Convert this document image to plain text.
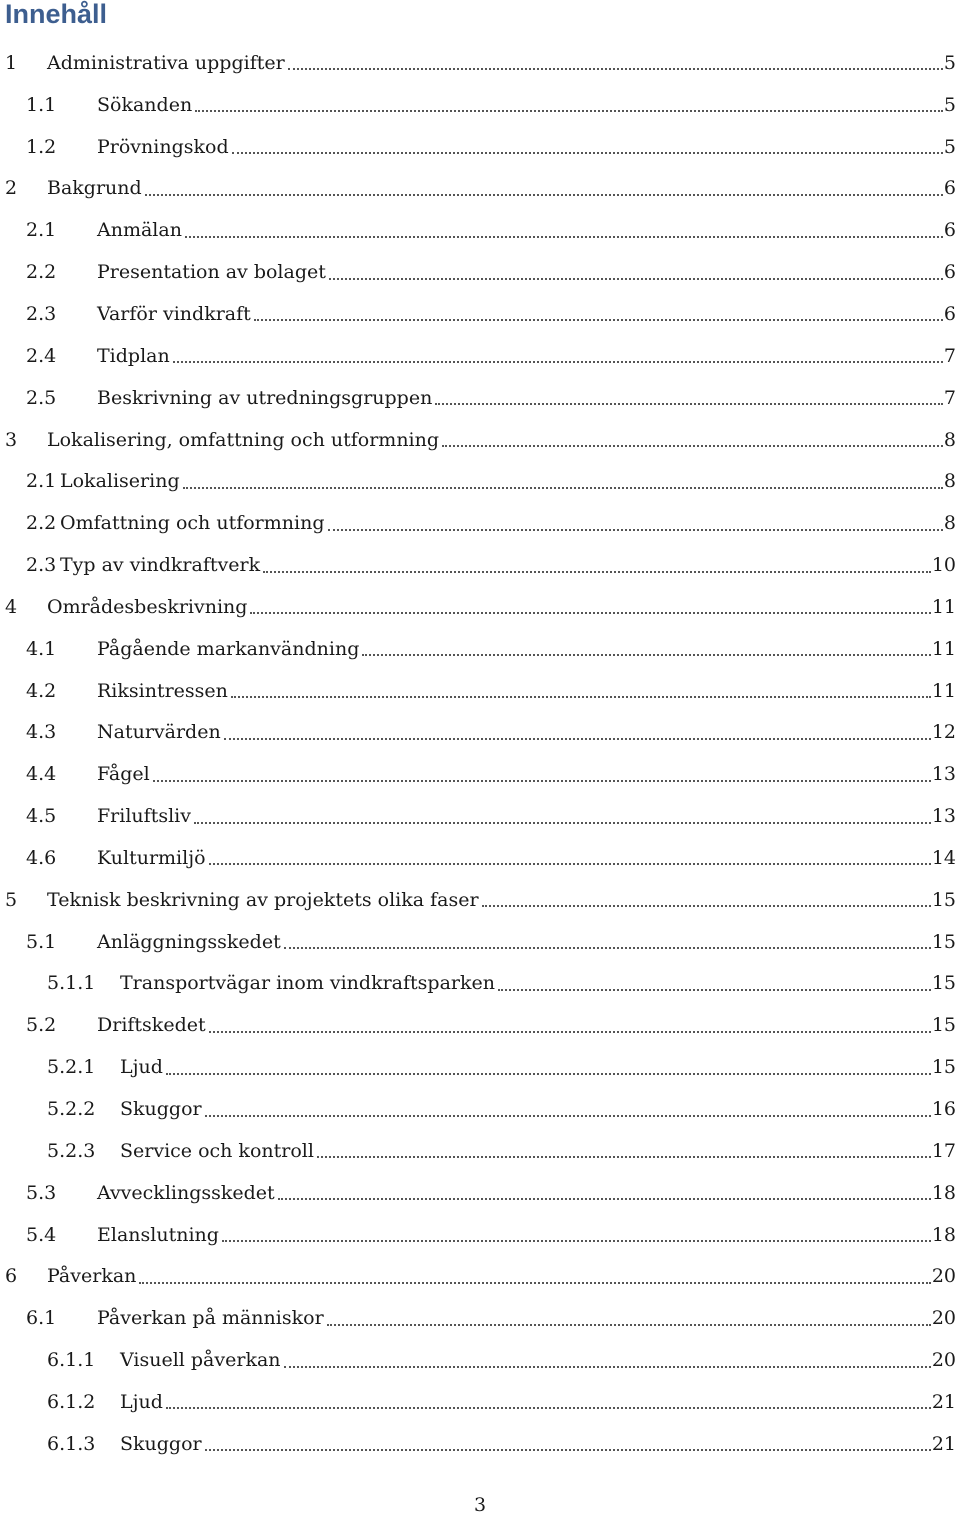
Innehåll
1 Administrativa uppgifter	5
1.1 Sökanden	5
1.2 Prövningskod	5
2 Bakgrund	6
2.1 Anmälan	6
2.2 Presentation av bolaget	6
2.3 Varför vindkraft	6
2.4 Tidplan	7
2.5 Beskrivning av utredningsgruppen	7
3 Lokalisering, omfattning och utformning	8
2.1 Lokalisering	8
2.2 Omfattning och utformning	8
2.3 Typ av vindkraftverk	10
4 Områdesbeskrivning	11
4.1 Pågående markanvändning	11
4.2 Riksintressen	11
4.3 Naturvärden	12
4.4 Fågel	13
4.5 Friluftsliv	13
4.6 Kulturmiljö	14
5 Teknisk beskrivning av projektets olika faser	15
5.1 Anläggningsskedet	15
5.1.1 Transportvägar inom vindkraftsparken	15
5.2 Driftskedet	15
5.2.1 Ljud	15
5.2.2 Skuggor	16
5.2.3 Service och kontroll	17
5.3 Avvecklingsskedet	18
5.4 Elanslutning	18
6 Påverkan	20
6.1 Påverkan på människor	20
6.1.1 Visuell påverkan	20
6.1.2 Ljud	21
6.1.3 Skuggor	21
3
